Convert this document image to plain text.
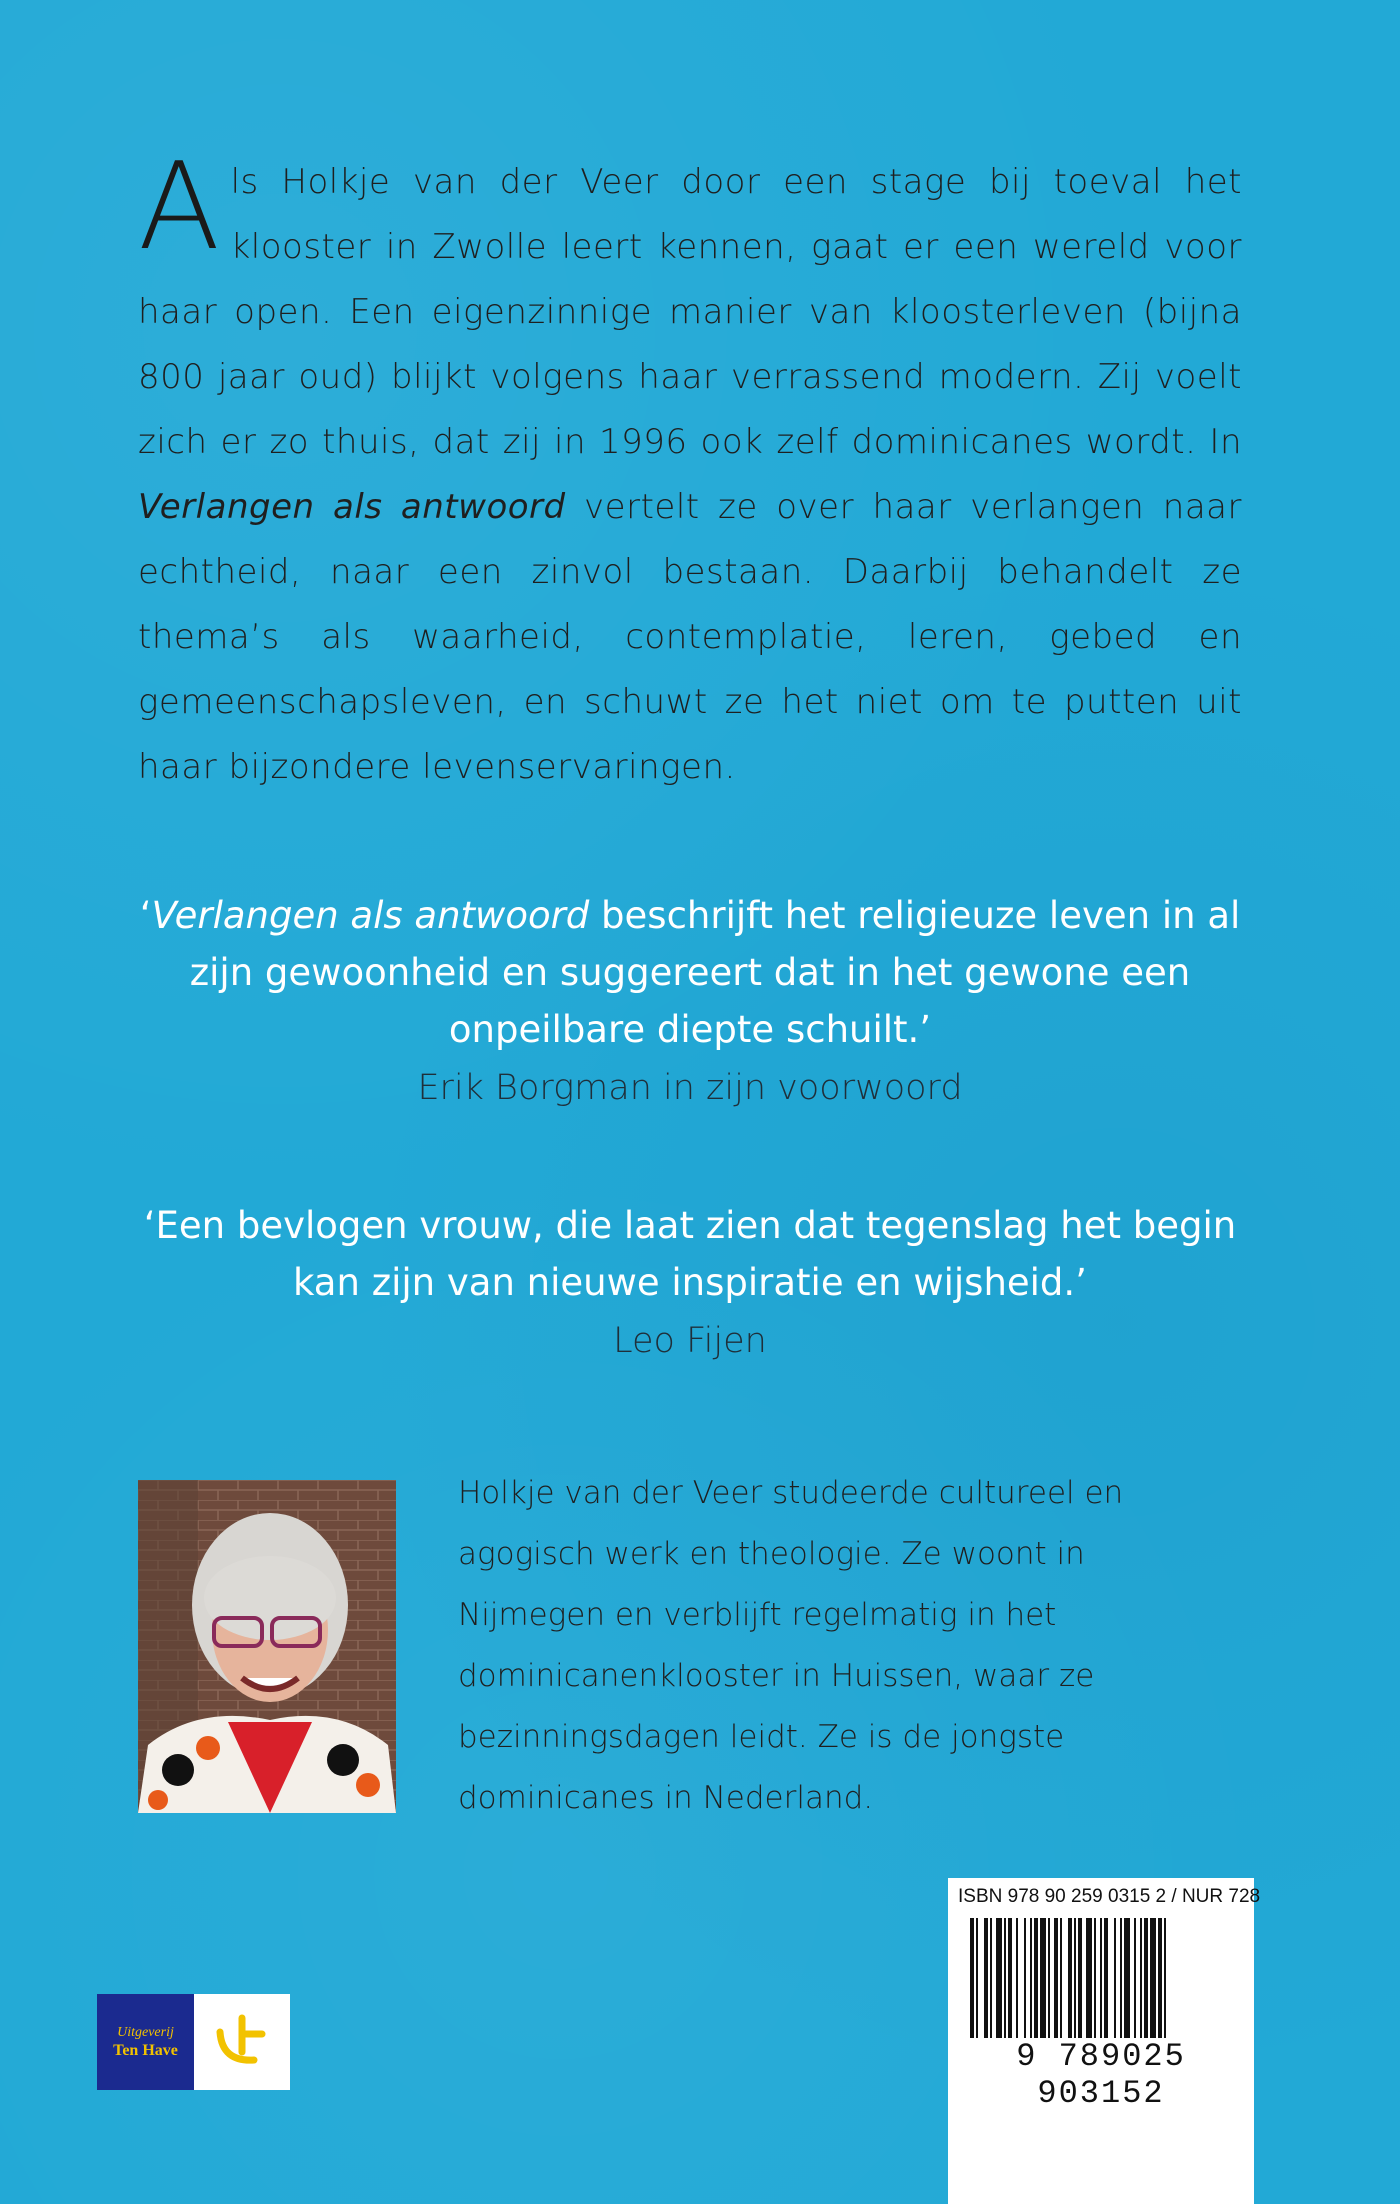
Als Holkje van der Veer door een stage bij toeval het klooster in Zwolle leert kennen, gaat er een wereld voor haar open. Een eigenzinnige manier van kloosterleven (bijna 800 jaar oud) blijkt volgens haar verrassend modern. Zij voelt zich er zo thuis, dat zij in 1996 ook zelf dominicanes wordt. In Verlangen als antwoord vertelt ze over haar verlangen naar echtheid, naar een zinvol bestaan. Daarbij behandelt ze thema’s als waarheid, contemplatie, leren, gebed en gemeenschapsleven, en schuwt ze het niet om te putten uit haar bijzondere levenservaringen.
‘Verlangen als antwoord beschrijft het religieuze leven in al zijn gewoonheid en suggereert dat in het gewone een onpeilbare diepte schuilt.’
Erik Borgman in zijn voorwoord
‘Een bevlogen vrouw, die laat zien dat tegenslag het begin kan zijn van nieuwe inspiratie en wijsheid.’
Leo Fijen
Holkje van der Veer studeerde cultureel en agogisch werk en theologie. Ze woont in Nijmegen en verblijft regelmatig in het dominicanenklooster in Huissen, waar ze bezinningsdagen leidt. Ze is de jongste dominicanes in Nederland.
ISBN 978 90 259 0315 2 / NUR 728
9 789025 903152
Uitgeverij
Ten Have
